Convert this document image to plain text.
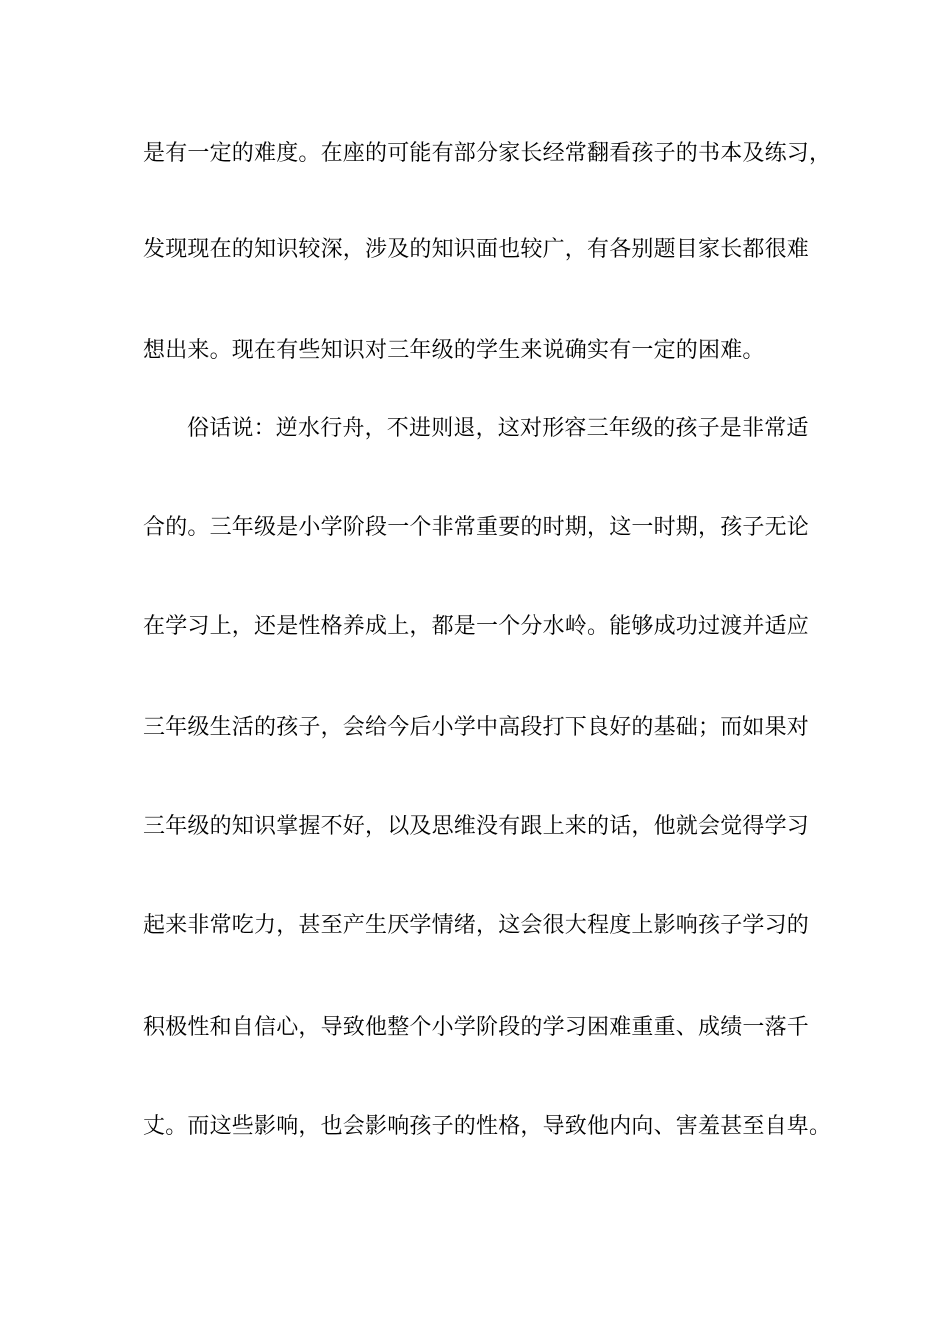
是有一定的难度。在座的可能有部分家长经常翻看孩子的书本及练习，
发现现在的知识较深，涉及的知识面也较广，有各别题目家长都很难
想出来。现在有些知识对三年级的学生来说确实有一定的困难。
俗话说：逆水行舟，不进则退，这对形容三年级的孩子是非常适
合的。三年级是小学阶段一个非常重要的时期，这一时期，孩子无论
在学习上，还是性格养成上，都是一个分水岭。能够成功过渡并适应
三年级生活的孩子，会给今后小学中高段打下良好的基础；而如果对
三年级的知识掌握不好，以及思维没有跟上来的话，他就会觉得学习
起来非常吃力，甚至产生厌学情绪，这会很大程度上影响孩子学习的
积极性和自信心，导致他整个小学阶段的学习困难重重、成绩一落千
丈。而这些影响，也会影响孩子的性格，导致他内向、害羞甚至自卑。
